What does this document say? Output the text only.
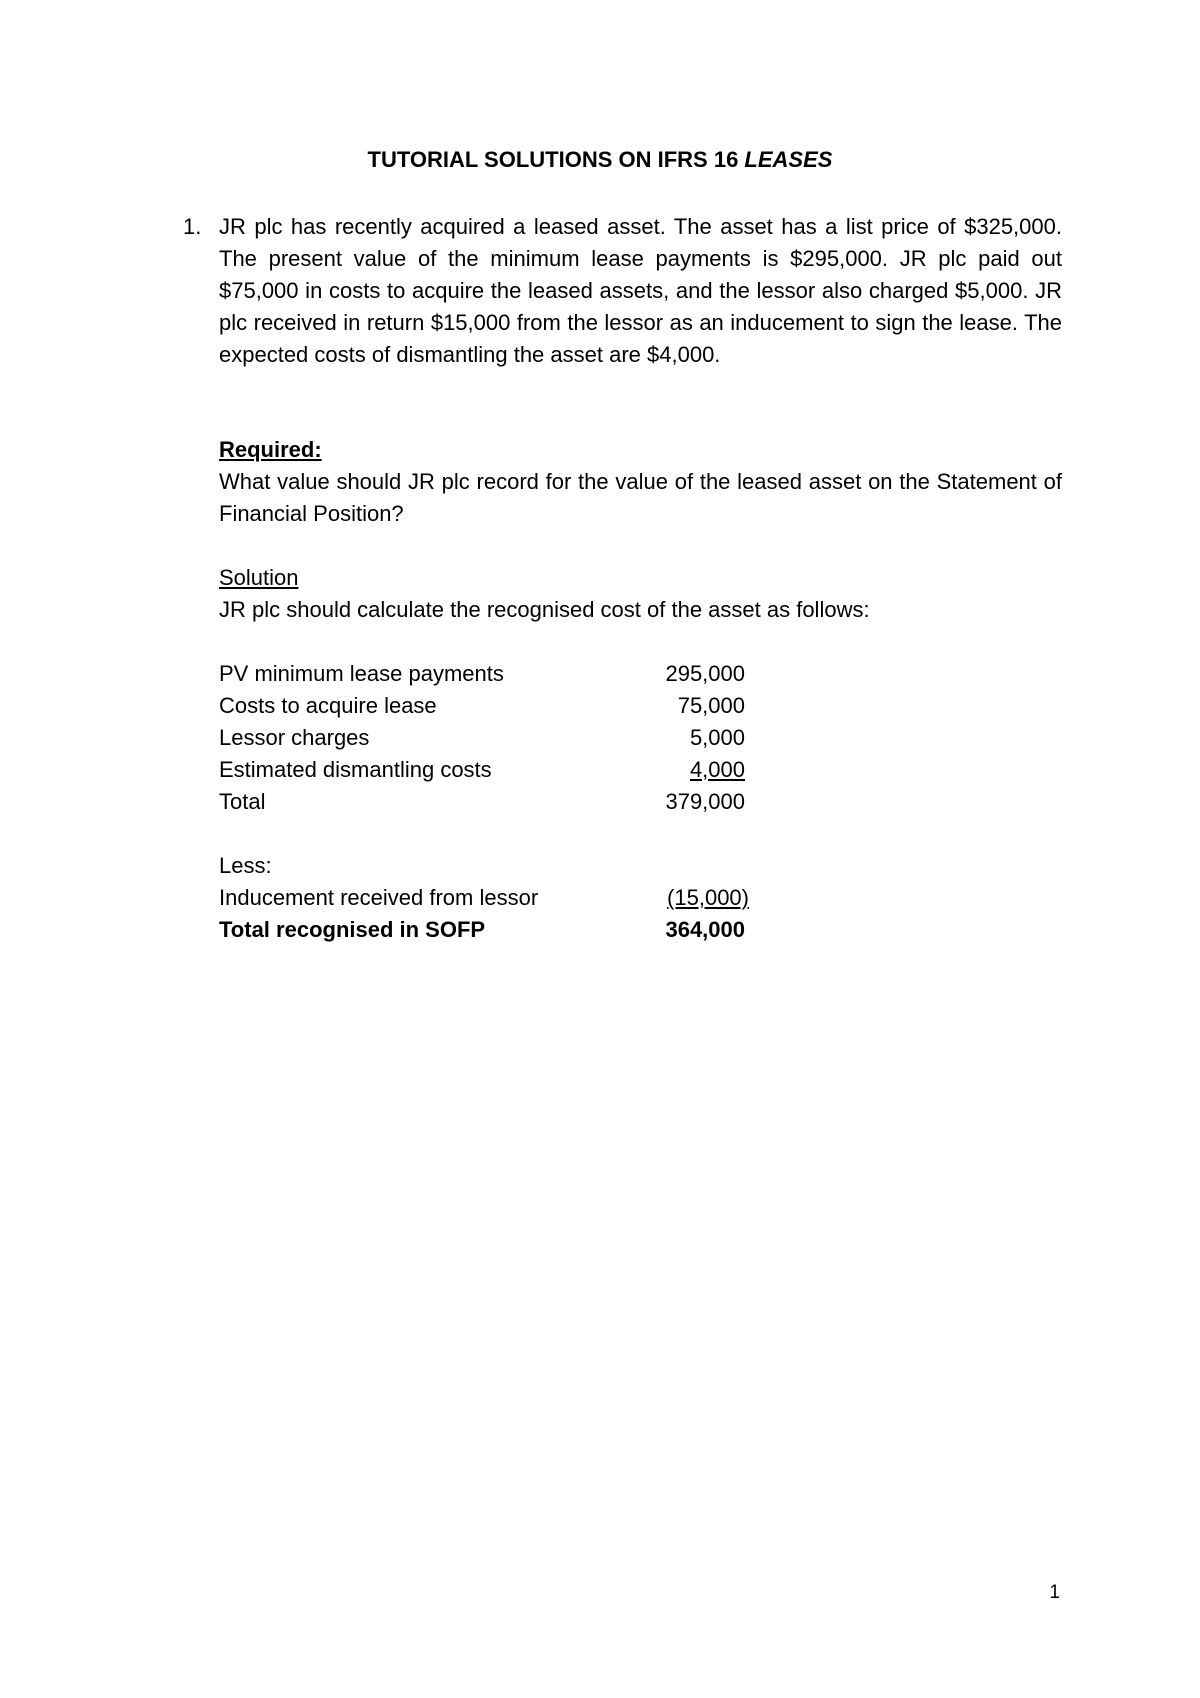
TUTORIAL SOLUTIONS ON IFRS 16 LEASES
1. JR plc has recently acquired a leased asset. The asset has a list price of $325,000. The present value of the minimum lease payments is $295,000. JR plc paid out $75,000 in costs to acquire the leased assets, and the lessor also charged $5,000. JR plc received in return $15,000 from the lessor as an inducement to sign the lease. The expected costs of dismantling the asset are $4,000.
Required:
What value should JR plc record for the value of the leased asset on the Statement of Financial Position?
Solution
JR plc should calculate the recognised cost of the asset as follows:
PV minimum lease payments	295,000
Costs to acquire lease	75,000
Lessor charges	5,000
Estimated dismantling costs	4,000
Total	379,000
Less:
Inducement received from lessor	(15,000)
Total recognised in SOFP	364,000
1
